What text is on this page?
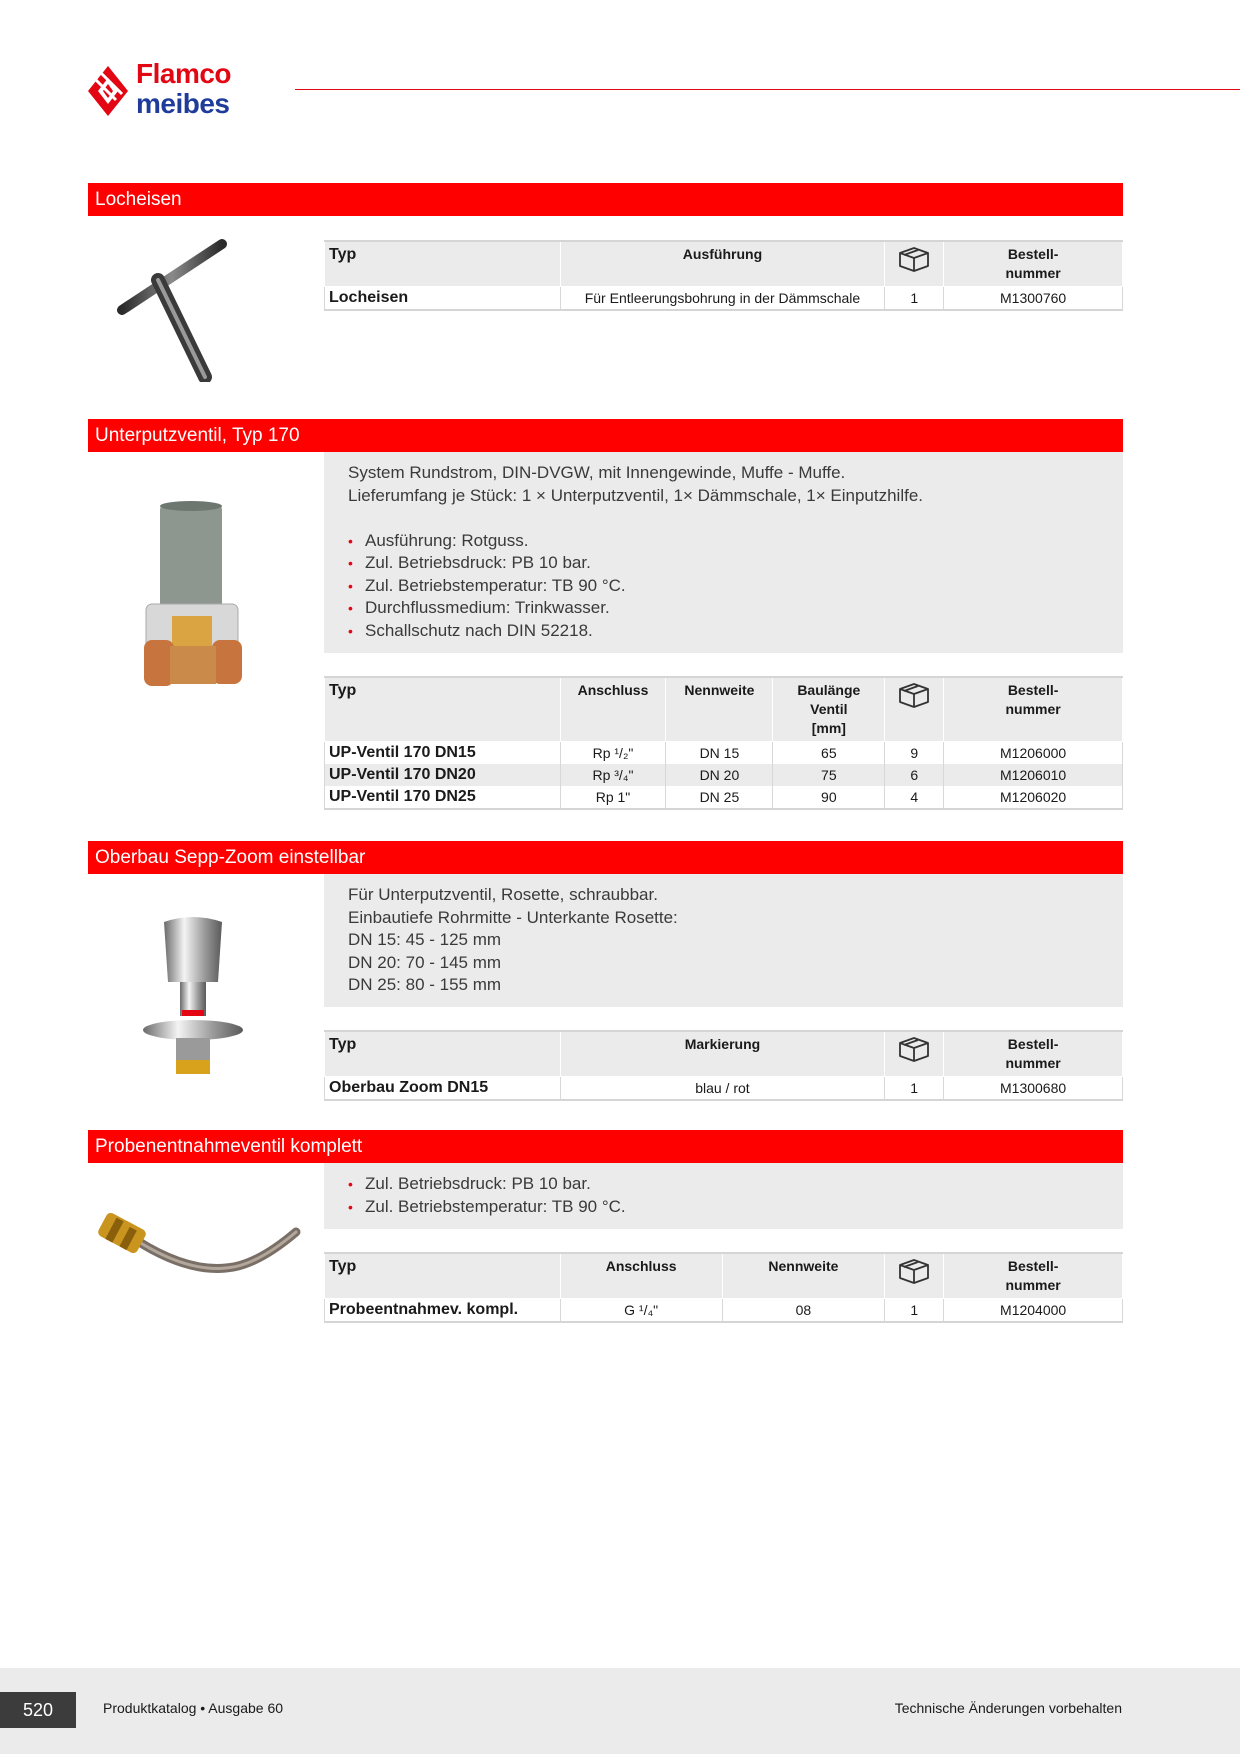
Flamco
meibes
Locheisen
Typ	Ausführung		Bestell-
nummer
Locheisen	Für Entleerungsbohrung in der Dämmschale	1	M1300760
Unterputzventil, Typ 170
System Rundstrom, DIN-DVGW, mit Innengewinde, Muffe - Muffe.
Lieferumfang je Stück: 1 × Unterputzventil, 1× Dämmschale, 1× Einputzhilfe.
• Ausführung: Rotguss.
• Zul. Betriebsdruck: PB 10 bar.
• Zul. Betriebstemperatur: TB 90 °C.
• Durchflussmedium: Trinkwasser.
• Schallschutz nach DIN 52218.
Typ	Anschluss	Nennweite	Baulänge
Ventil
[mm]		Bestell-
nummer
UP-Ventil 170 DN15	Rp ¹/₂"	DN 15	65	9	M1206000
UP-Ventil 170 DN20	Rp ³/₄"	DN 20	75	6	M1206010
UP-Ventil 170 DN25	Rp 1"	DN 25	90	4	M1206020
Oberbau Sepp-Zoom einstellbar
Für Unterputzventil, Rosette, schraubbar.
Einbautiefe Rohrmitte - Unterkante Rosette:
DN 15: 45 - 125 mm
DN 20: 70 - 145 mm
DN 25: 80 - 155 mm
Typ	Markierung		Bestell-
nummer
Oberbau Zoom DN15	blau / rot	1	M1300680
Probenentnahmeventil komplett
• Zul. Betriebsdruck: PB 10 bar.
• Zul. Betriebstemperatur: TB 90 °C.
Typ	Anschluss	Nennweite		Bestell-
nummer
Probeentnahmev. kompl.	G ¹/₄"	08	1	M1204000
520	Produktkatalog • Ausgabe 60	Technische Änderungen vorbehalten
